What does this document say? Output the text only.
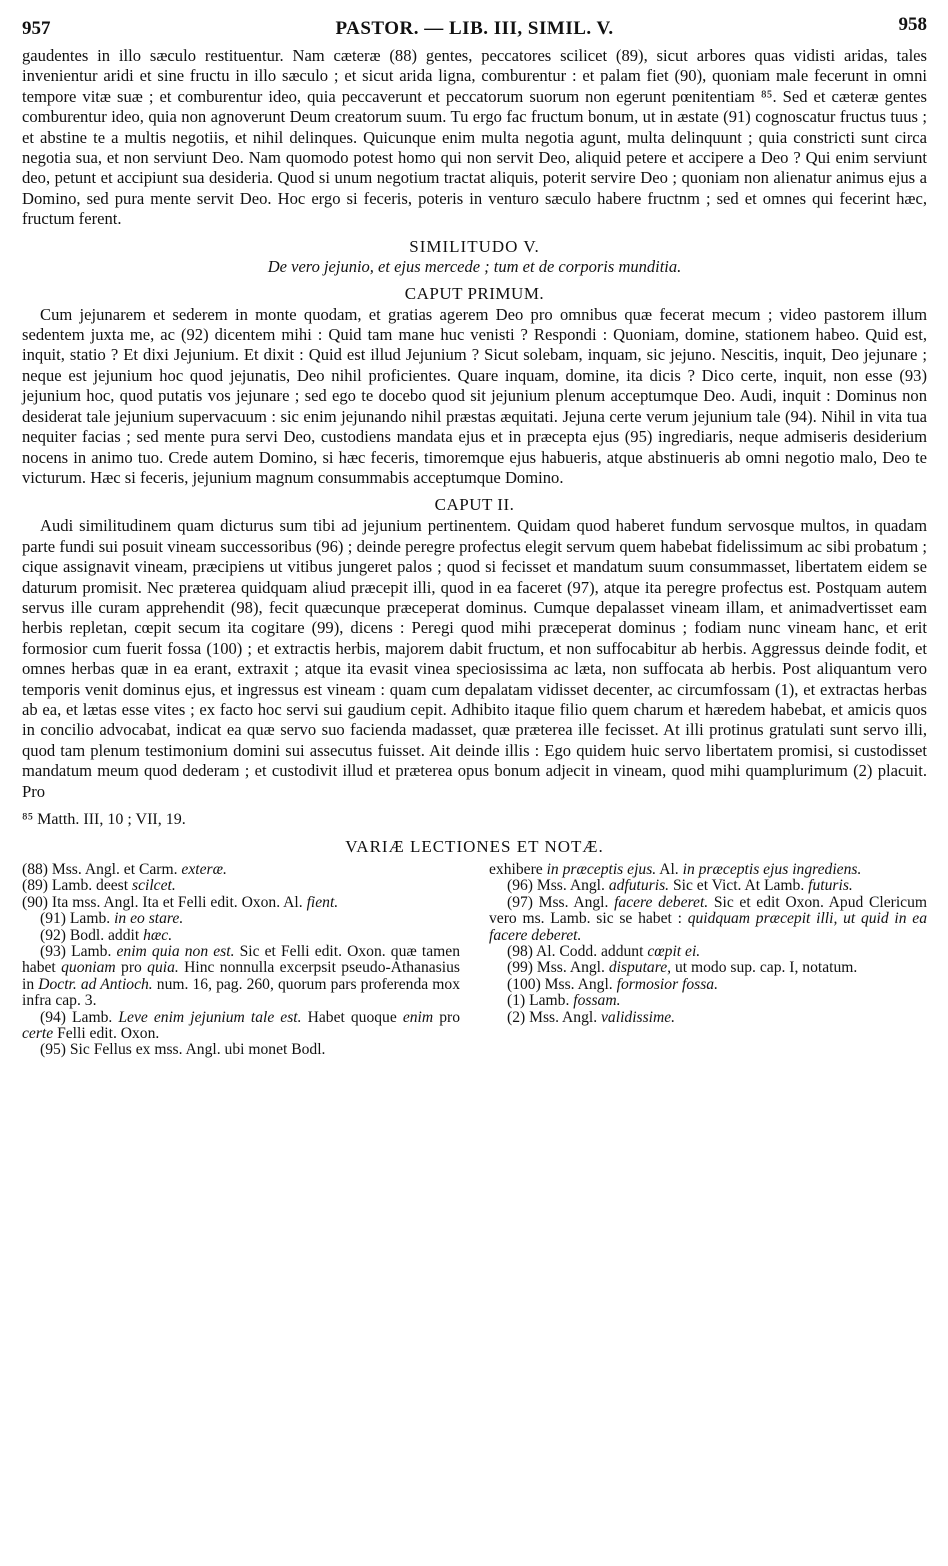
957	PASTOR. — LIB. III, SIMIL. V.	958

gaudentes in illo sæculo restituentur. Nam cæteræ (88) gentes, peccatores scilicet (89), sicut arbores quas vidisti aridas, tales invenientur aridi et sine fructu in illo sæculo ; et sicut arida ligna, comburentur : et palam fiet (90), quoniam male fecerunt in omni tempore vitæ suæ ; et comburentur ideo, quia peccaverunt et peccatorum suorum non egerunt pœnitentiam ⁸⁵. Sed et cæteræ gentes comburentur ideo, quia non agnoverunt Deum creatorum suum. Tu ergo fac fructum bonum, ut in æstate (91) cognoscatur fructus tuus ; et abstine te a multis negotiis, et nihil delinques. Quicunque enim multa negotia agunt, multa delinquunt ; quia constricti sunt circa negotia sua, et non serviunt Deo. Nam quomodo potest homo qui non servit Deo, aliquid petere et accipere a Deo ? Qui enim serviunt deo, petunt et accipiunt sua desideria. Quod si unum negotium tractat aliquis, poterit servire Deo ; quoniam non alienatur animus ejus a Domino, sed pura mente servit Deo. Hoc ergo si feceris, poteris in venturo sæculo habere fructnm ; sed et omnes qui fecerint hæc, fructum ferent.

SIMILITUDO V.
De vero jejunio, et ejus mercede ; tum et de corporis munditia.
CAPUT PRIMUM.

Cum jejunarem et sederem in monte quodam, et gratias agerem Deo pro omnibus quæ fecerat mecum ; video pastorem illum sedentem juxta me, ac (92) dicentem mihi : Quid tam mane huc venisti ? Respondi : Quoniam, domine, stationem habeo. Quid est, inquit, statio ? Et dixi Jejunium. Et dixit : Quid est illud Jejunium ? Sicut solebam, inquam, sic jejuno. Nescitis, inquit, Deo jejunare ; neque est jejunium hoc quod jejunatis, Deo nihil proficientes. Quare inquam, domine, ita dicis ? Dico certe, inquit, non esse (93) jejunium hoc, quod putatis vos jejunare ; sed ego te docebo quod sit jejunium plenum acceptumque Deo. Audi, inquit : Dominus non desiderat tale jejunium supervacuum : sic enim jejunando nihil præstas æquitati. Jejuna certe verum jejunium tale (94). Nihil in vita tua nequiter facias ; sed mente pura servi Deo, custodiens mandata ejus et in præcepta ejus (95) ingrediaris, neque admiseris desiderium nocens in animo tuo. Crede autem Domino, si hæc feceris, timoremque ejus habueris, atque abstinueris ab omni negotio malo, Deo te victurum. Hæc si feceris, jejunium magnum consummabis acceptumque Domino.

CAPUT II.

Audi similitudinem quam dicturus sum tibi ad jejunium pertinentem. Quidam quod haberet fundum servosque multos, in quadam parte fundi sui posuit vineam successoribus (96) ; deinde peregre profectus elegit servum quem habebat fidelissimum ac sibi probatum ; cique assignavit vineam, præcipiens ut vitibus jungeret palos ; quod si fecisset et mandatum suum consummasset, libertatem eidem se daturum promisit. Nec præterea quidquam aliud præcepit illi, quod in ea faceret (97), atque ita peregre profectus est. Postquam autem servus ille curam apprehendit (98), fecit quæcunque præceperat dominus. Cumque depalasset vineam illam, et animadvertisset eam herbis repletan, cœpit secum ita cogitare (99), dicens : Peregi quod mihi præceperat dominus ; fodiam nunc vineam hanc, et erit formosior cum fuerit fossa (100) ; et extractis herbis, majorem dabit fructum, et non suffocabitur ab herbis. Aggressus deinde fodit, et omnes herbas quæ in ea erant, extraxit ; atque ita evasit vinea speciosissima ac læta, non suffocata ab herbis. Post aliquantum vero temporis venit dominus ejus, et ingressus est vineam : quam cum depalatam vidisset decenter, ac circumfossam (1), et extractas herbas ab ea, et lætas esse vites ; ex facto hoc servi sui gaudium cepit. Adhibito itaque filio quem charum et hæredem habebat, et amicis quos in concilio advocabat, indicat ea quæ servo suo facienda madasset, quæ præterea ille fecisset. At illi protinus gratulati sunt servo illi, quod tam plenum testimonium domini sui assecutus fuisset. Ait deinde illis : Ego quidem huic servo libertatem promisi, si custodisset mandatum meum quod dederam ; et custodivit illud et præterea opus bonum adjecit in vineam, quod mihi quamplurimum (2) placuit. Pro

⁸⁵ Matth. III, 10 ; VII, 19.
VARIÆ LECTIONES ET NOTÆ.
(88) Mss. Angl. et Carm. exteræ.
(89) Lamb. deest scilcet.
(90) Ita mss. Angl. Ita et Felli edit. Oxon. Al. fient.
(91) Lamb. in eo stare.
(92) Bodl. addit hæc.
(93) Lamb. enim quia non est. Sic et Felli edit. Oxon. quæ tamen habet quoniam pro quia. Hinc nonnulla excerpsit pseudo-Athanasius in Doctr. ad Antioch. num. 16, pag. 260, quorum pars proferenda mox infra cap. 3.
(94) Lamb. Leve enim jejunium tale est. Habet quoque enim pro certe Felli edit. Oxon.
(95) Sic Fellus ex mss. Angl. ubi monet Bodl.
exhibere in præceptis ejus. Al. in præceptis ejus ingrediens.
(96) Mss. Angl. adfuturis. Sic et Vict. At Lamb. futuris.
(97) Mss. Angl. facere deberet. Sic et edit Oxon. Apud Clericum vero ms. Lamb. sic se habet : quidquam præcepit illi, ut quid in ea facere deberet.
(98) Al. Codd. addunt cœpit ei.
(99) Mss. Angl. disputare, ut modo sup. cap. I, notatum.
(100) Mss. Angl. formosior fossa.
(1) Lamb. fossam.
(2) Mss. Angl. validissime.
